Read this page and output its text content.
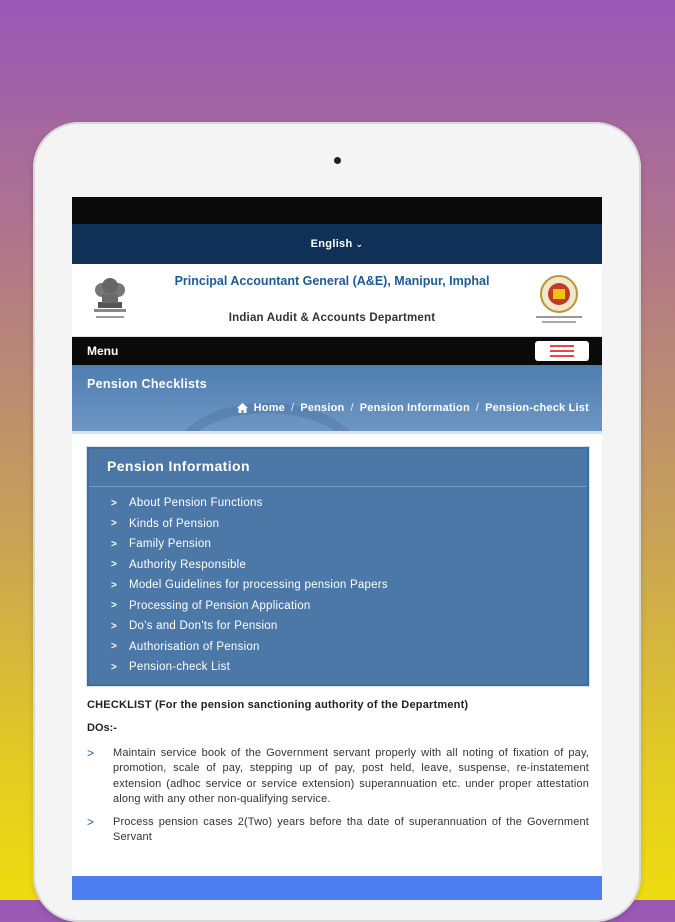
English ⌄
Principal Accountant General (A&E), Manipur, Imphal
Indian Audit & Accounts Department
Menu
Pension Checklists
Home / Pension / Pension Information / Pension-check List
Pension Information
>	About Pension Functions
>	Kinds of Pension
>	Family Pension
>	Authority Responsible
>	Model Guidelines for processing pension Papers
>	Processing of Pension Application
>	Do's and Don'ts for Pension
>	Authorisation of Pension
>	Pension-check List
CHECKLIST (For the pension sanctioning authority of the Department)
DOs:-
>	Maintain service book of the Government servant properly with all noting of fixation of pay, promotion, scale of pay, stepping up of pay, post held, leave, suspense, re-instatement extension (adhoc service or service extension) superannuation etc. under proper attestation along with any other non-qualifying service.
>	Process pension cases 2(Two) years before tha date of superannuation of the Government Servant
